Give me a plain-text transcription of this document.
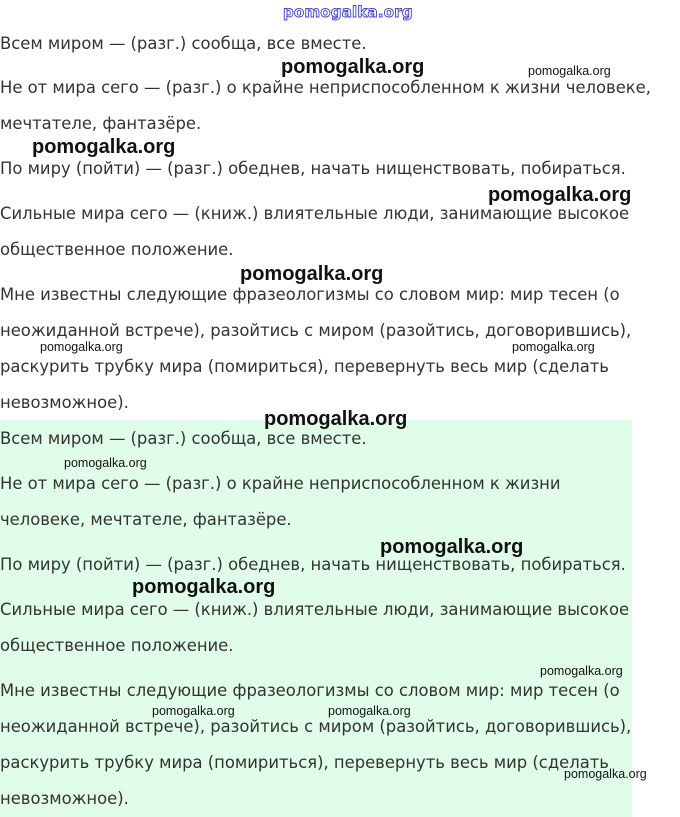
pomogalka.org
Всем миром — (разг.) сообща, все вместе.
Не от мира сего — (разг.) о крайне неприспособленном к жизни человеке,
мечтателе, фантазёре.
По миру (пойти) — (разг.) обеднев, начать нищенствовать, побираться.
Сильные мира сего — (книж.) влиятельные люди, занимающие высокое
общественное положение.
Мне известны следующие фразеологизмы со словом мир: мир тесен (о
неожиданной встрече), разойтись с миром (разойтись, договорившись),
раскурить трубку мира (помириться), перевернуть весь мир (сделать
невозможное).
Всем миром — (разг.) сообща, все вместе.
Не от мира сего — (разг.) о крайне неприспособленном к жизни
человеке, мечтателе, фантазёре.
По миру (пойти) — (разг.) обеднев, начать нищенствовать, побираться.
Сильные мира сего — (книж.) влиятельные люди, занимающие высокое
общественное положение.
Мне известны следующие фразеологизмы со словом мир: мир тесен (о
неожиданной встрече), разойтись с миром (разойтись, договорившись),
раскурить трубку мира (помириться), перевернуть весь мир (сделать
невозможное).
pomogalka.org	pomogalka.org
pomogalka.org
pomogalka.org
pomogalka.org
pomogalka.org	pomogalka.org
pomogalka.org
pomogalka.org
pomogalka.org
pomogalka.org
pomogalka.org
pomogalka.org	pomogalka.org
pomogalka.org
